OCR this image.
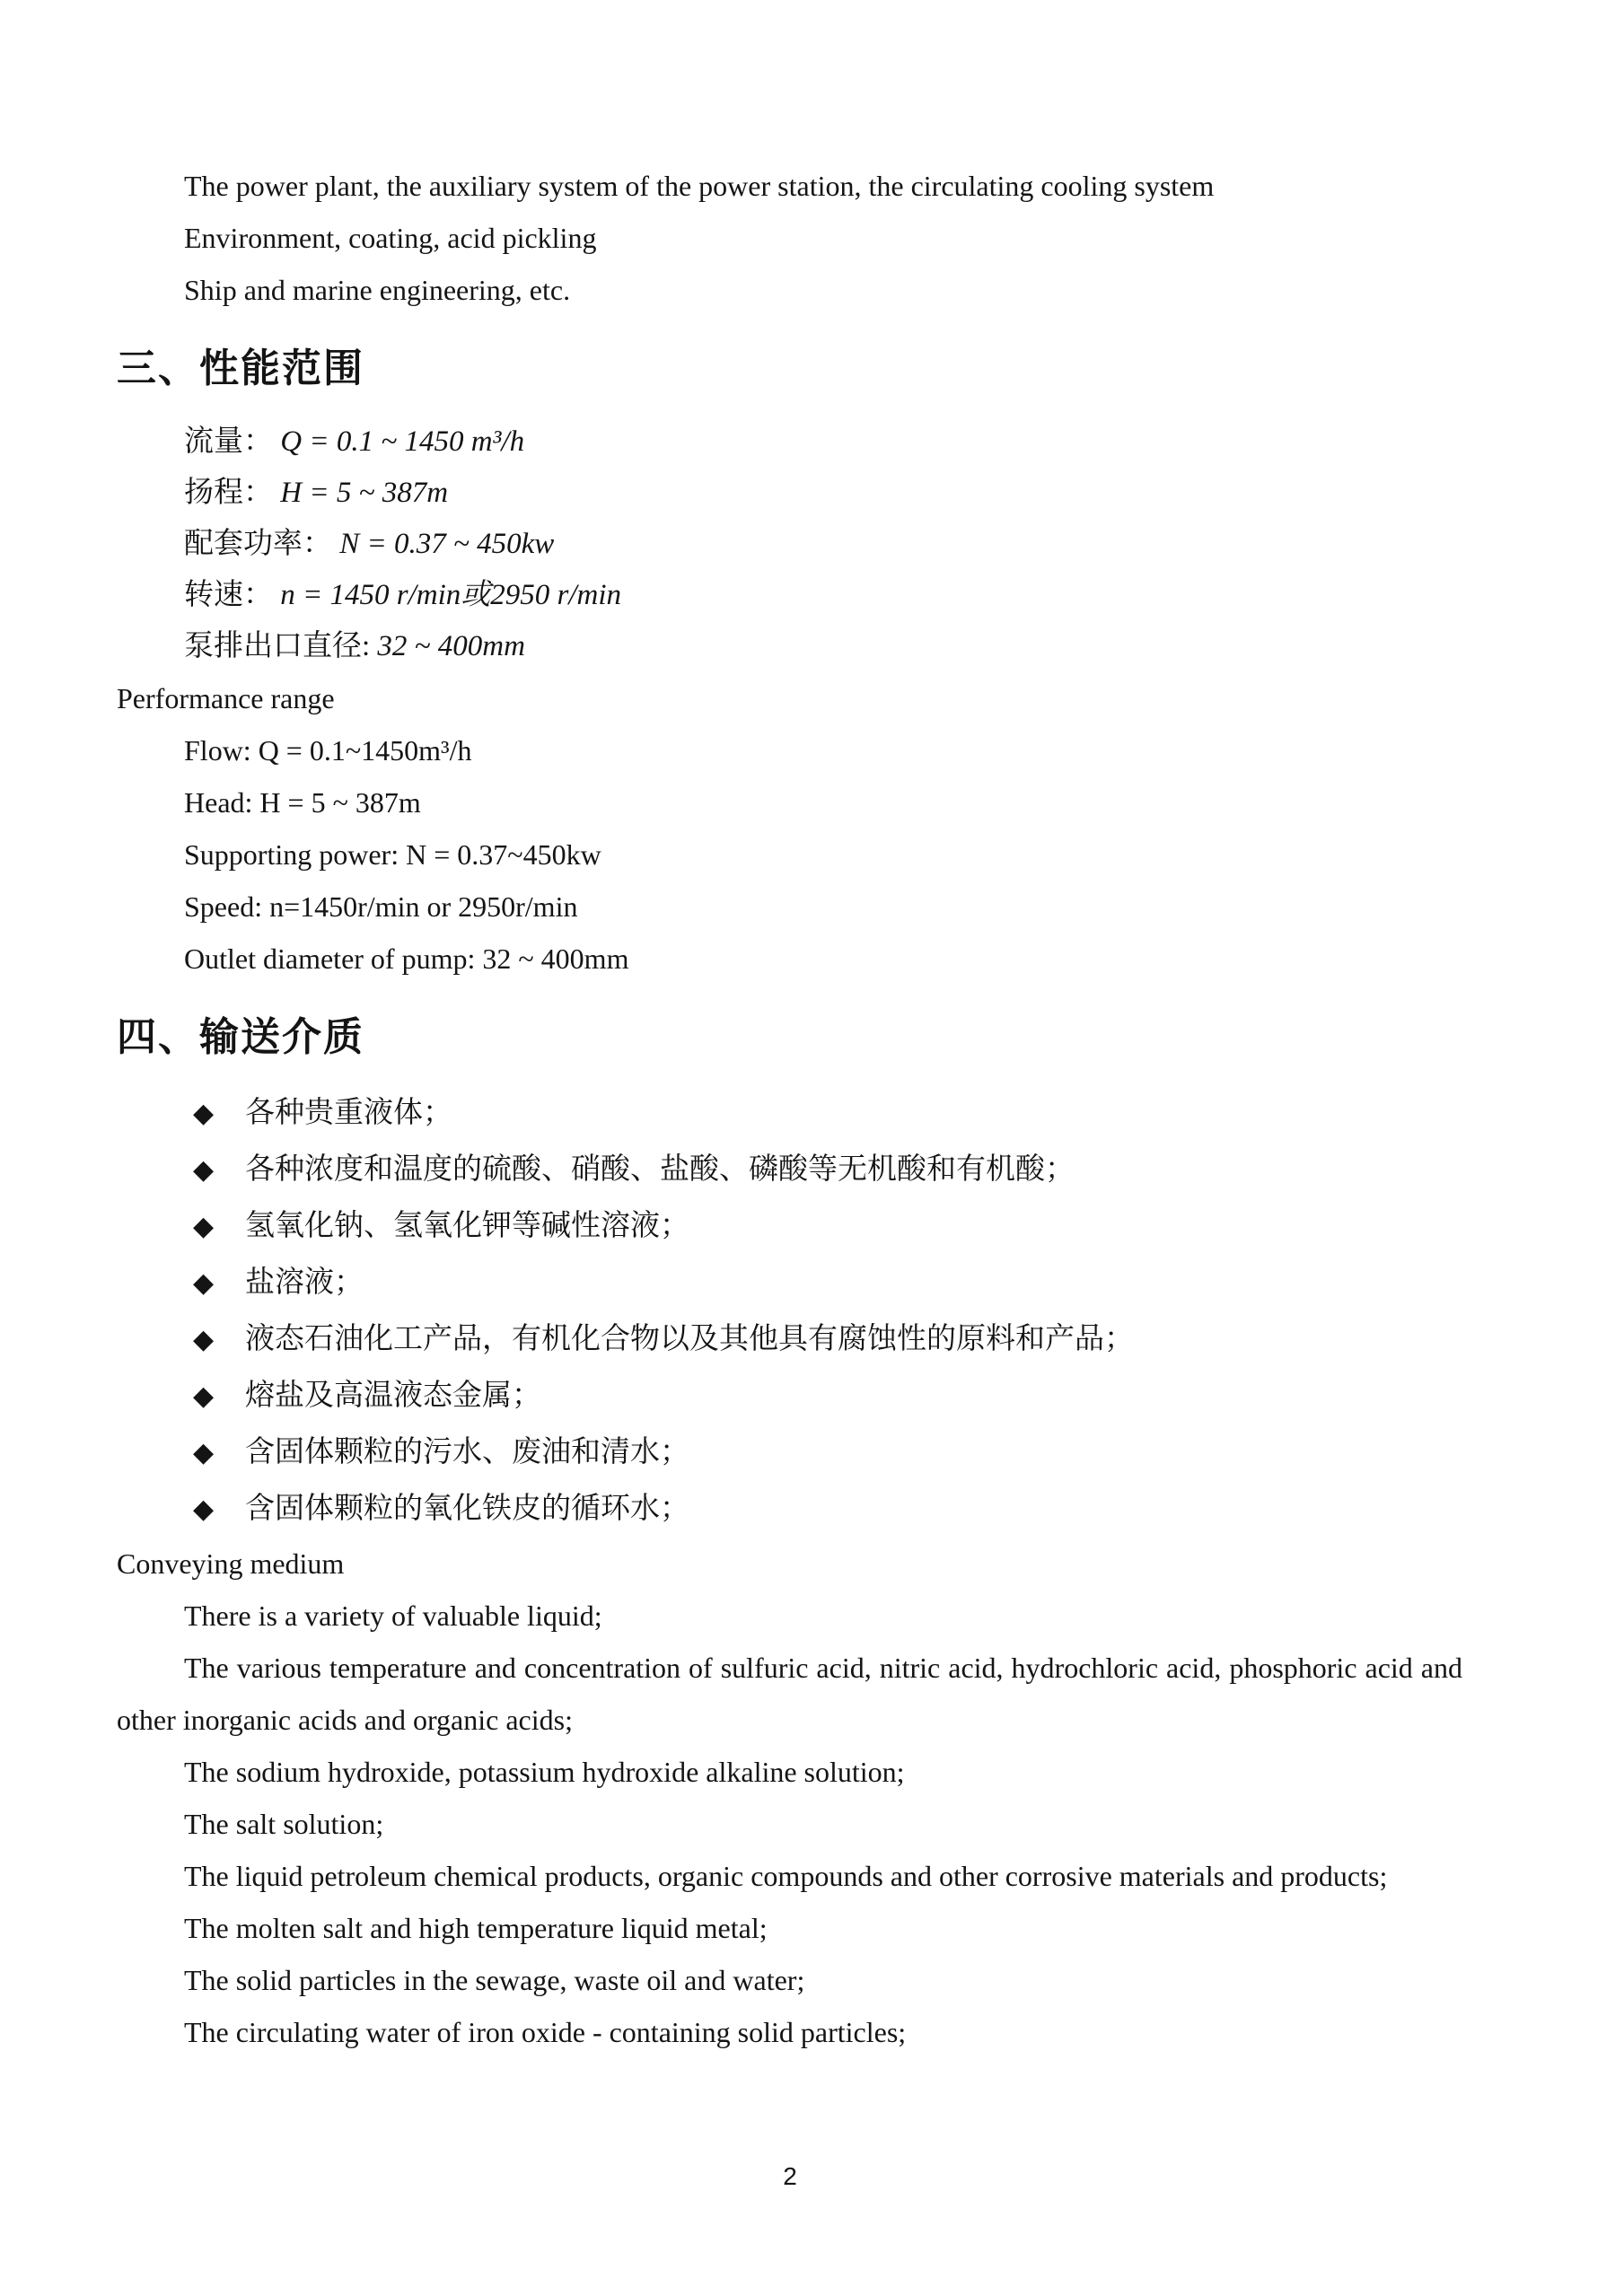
The power plant, the auxiliary system of the power station, the circulating cooling system

Environment, coating, acid pickling

Ship and marine engineering, etc.

三、性能范围

流量： Q = 0.1 ~ 1450 m³/h

扬程： H = 5 ~ 387m

配套功率： N = 0.37 ~ 450kw

转速： n = 1450 r/min或2950 r/min

泵排出口直径: 32 ~ 400mm

Performance range

Flow: Q = 0.1~1450m³/h

Head: H = 5 ~ 387m

Supporting power: N = 0.37~450kw

Speed: n=1450r/min or 2950r/min

Outlet diameter of pump: 32 ~ 400mm

四、输送介质
◆	各种贵重液体；
◆	各种浓度和温度的硫酸、硝酸、盐酸、磷酸等无机酸和有机酸；
◆	氢氧化钠、氢氧化钾等碱性溶液；
◆	盐溶液；
◆	液态石油化工产品，有机化合物以及其他具有腐蚀性的原料和产品；
◆	熔盐及高温液态金属；
◆	含固体颗粒的污水、废油和清水；
◆	含固体颗粒的氧化铁皮的循环水；

Conveying medium

There is a variety of valuable liquid;

The various temperature and concentration of sulfuric acid, nitric acid, hydrochloric acid, phosphoric acid and other inorganic acids and organic acids;

The sodium hydroxide, potassium hydroxide alkaline solution;

The salt solution;

The liquid petroleum chemical products, organic compounds and other corrosive materials and products;

The molten salt and high temperature liquid metal;

The solid particles in the sewage, waste oil and water;

The circulating water of iron oxide - containing solid particles;

2
